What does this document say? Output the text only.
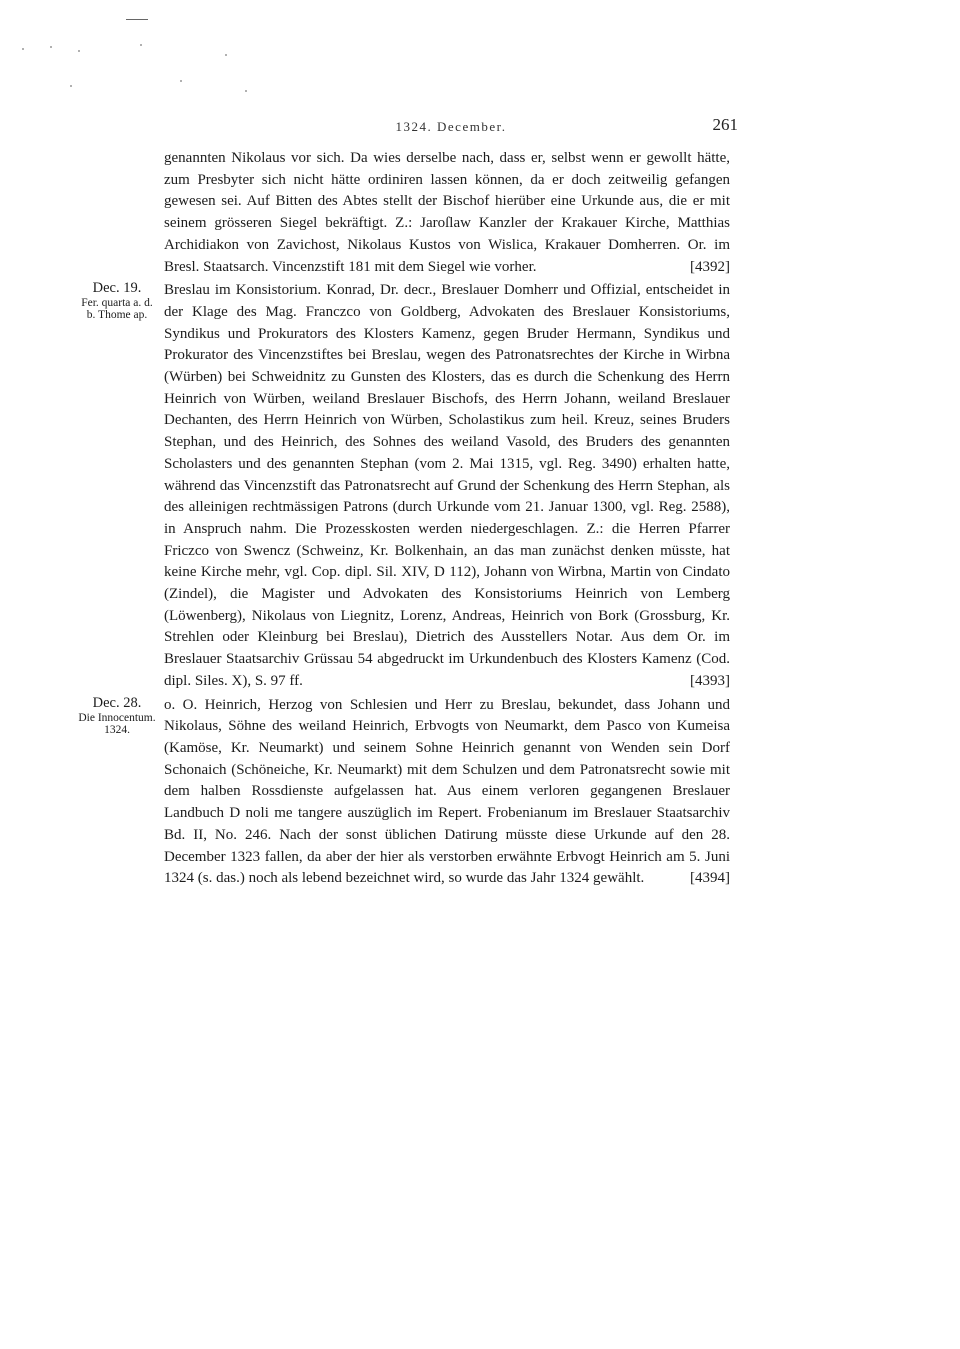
1324. December.	261

genannten Nikolaus vor sich. Da wies derselbe nach, dass er, selbst wenn er gewollt hätte, zum Presbyter sich nicht hätte ordiniren lassen können, da er doch zeitweilig gefangen gewesen sei. Auf Bitten des Abtes stellt der Bischof hierüber eine Urkunde aus, die er mit seinem grösseren Siegel bekräftigt. Z.: Jaroſlaw Kanzler der Krakauer Kirche, Matthias Archidiakon von Zavichost, Nikolaus Kustos von Wislica, Krakauer Domherren. Or. im Bresl. Staatsarch. Vincenzstift 181 mit dem Siegel wie vorher.	[4392]

Dec. 19.
Fer. quarta a. d. b. Thome ap.

Breslau im Konsistorium. Konrad, Dr. decr., Breslauer Domherr und Offizial, entscheidet in der Klage des Mag. Franczco von Goldberg, Advokaten des Breslauer Konsistoriums, Syndikus und Prokurators des Klosters Kamenz, gegen Bruder Hermann, Syndikus und Prokurator des Vincenzstiftes bei Breslau, wegen des Patronatsrechtes der Kirche in Wirbna (Würben) bei Schweidnitz zu Gunsten des Klosters, das es durch die Schenkung des Herrn Heinrich von Würben, weiland Breslauer Bischofs, des Herrn Johann, weiland Breslauer Dechanten, des Herrn Heinrich von Würben, Scholastikus zum heil. Kreuz, seines Bruders Stephan, und des Heinrich, des Sohnes des weiland Vasold, des Bruders des genannten Scholasters und des genannten Stephan (vom 2. Mai 1315, vgl. Reg. 3490) erhalten hatte, während das Vincenzstift das Patronatsrecht auf Grund der Schenkung des Herrn Stephan, als des alleinigen rechtmässigen Patrons (durch Urkunde vom 21. Januar 1300, vgl. Reg. 2588), in Anspruch nahm. Die Prozesskosten werden niedergeschlagen. Z.: die Herren Pfarrer Friczco von Swencz (Schweinz, Kr. Bolkenhain, an das man zunächst denken müsste, hat keine Kirche mehr, vgl. Cop. dipl. Sil. XIV, D 112), Johann von Wirbna, Martin von Cindato (Zindel), die Magister und Advokaten des Konsistoriums Heinrich von Lemberg (Löwenberg), Nikolaus von Liegnitz, Lorenz, Andreas, Heinrich von Bork (Grossburg, Kr. Strehlen oder Kleinburg bei Breslau), Dietrich des Ausstellers Notar. Aus dem Or. im Breslauer Staatsarchiv Grüssau 54 abgedruckt im Urkundenbuch des Klosters Kamenz (Cod. dipl. Siles. X), S. 97 ff.	[4393]

Dec. 28.
Die Innocentum. 1324.

o. O. Heinrich, Herzog von Schlesien und Herr zu Breslau, bekundet, dass Johann und Nikolaus, Söhne des weiland Heinrich, Erbvogts von Neumarkt, dem Pasco von Kumeisa (Kamöse, Kr. Neumarkt) und seinem Sohne Heinrich genannt von Wenden sein Dorf Schonaich (Schöneiche, Kr. Neumarkt) mit dem Schulzen und dem Patronatsrecht sowie mit dem halben Rossdienste aufgelassen hat. Aus einem verloren gegangenen Breslauer Landbuch D noli me tangere auszüglich im Repert. Frobenianum im Breslauer Staatsarchiv Bd. II, No. 246. Nach der sonst üblichen Datirung müsste diese Urkunde auf den 28. December 1323 fallen, da aber der hier als verstorben erwähnte Erbvogt Heinrich am 5. Juni 1324 (s. das.) noch als lebend bezeichnet wird, so wurde das Jahr 1324 gewählt.	[4394]
